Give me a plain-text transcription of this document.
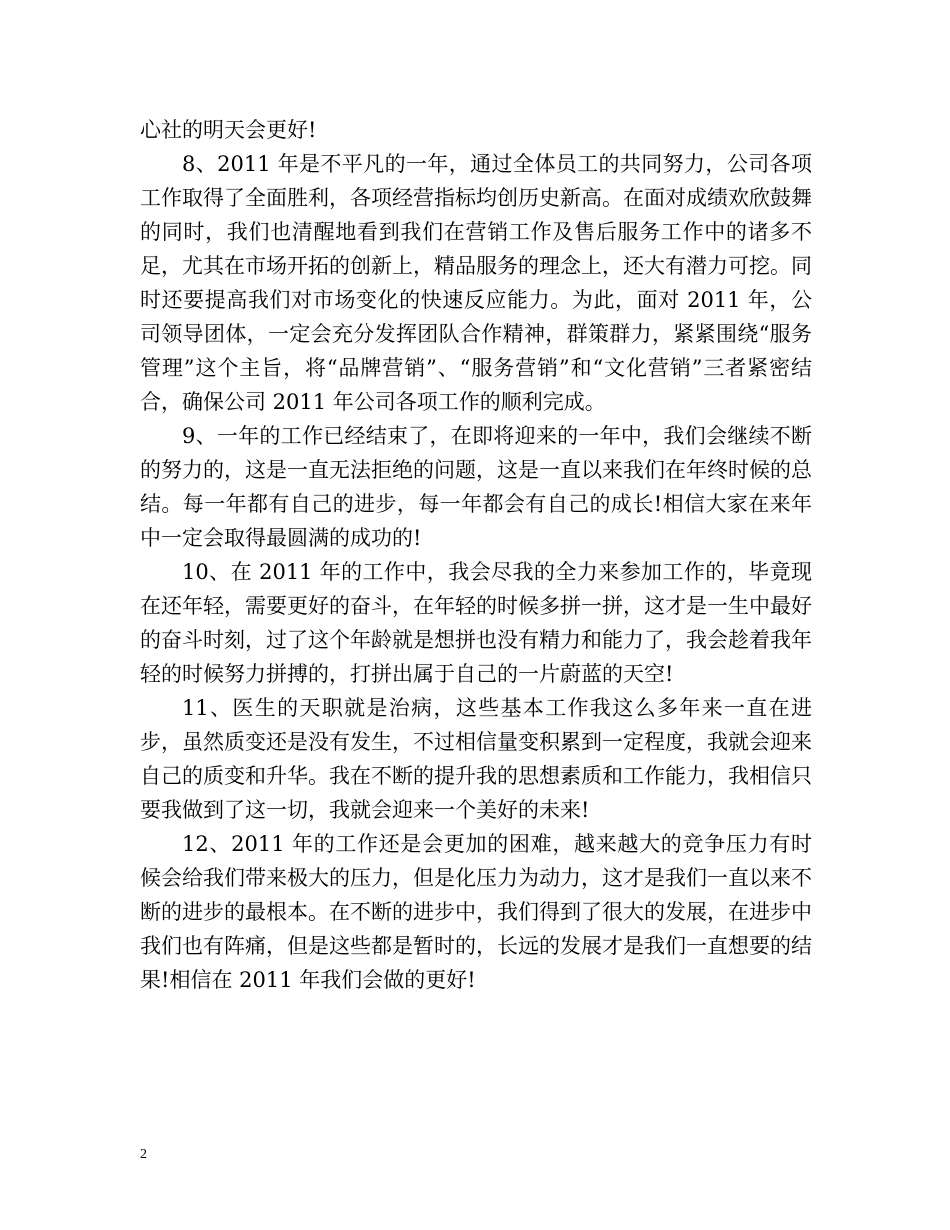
心社的明天会更好!

8、2011 年是不平凡的一年，通过全体员工的共同努力，公司各项工作取得了全面胜利，各项经营指标均创历史新高。在面对成绩欢欣鼓舞的同时，我们也清醒地看到我们在营销工作及售后服务工作中的诸多不足，尤其在市场开拓的创新上，精品服务的理念上，还大有潜力可挖。同时还要提高我们对市场变化的快速反应能力。为此，面对 2011 年，公司领导团体，一定会充分发挥团队合作精神，群策群力，紧紧围绕“服务管理”这个主旨，将“品牌营销”、“服务营销”和“文化营销”三者紧密结合，确保公司 2011 年公司各项工作的顺利完成。

9、一年的工作已经结束了，在即将迎来的一年中，我们会继续不断的努力的，这是一直无法拒绝的问题，这是一直以来我们在年终时候的总结。每一年都有自己的进步，每一年都会有自己的成长!相信大家在来年中一定会取得最圆满的成功的!

10、在 2011 年的工作中，我会尽我的全力来参加工作的，毕竟现在还年轻，需要更好的奋斗，在年轻的时候多拼一拼，这才是一生中最好的奋斗时刻，过了这个年龄就是想拼也没有精力和能力了，我会趁着我年轻的时候努力拼搏的，打拼出属于自己的一片蔚蓝的天空!

11、医生的天职就是治病，这些基本工作我这么多年来一直在进步，虽然质变还是没有发生，不过相信量变积累到一定程度，我就会迎来自己的质变和升华。我在不断的提升我的思想素质和工作能力，我相信只要我做到了这一切，我就会迎来一个美好的未来!

12、2011 年的工作还是会更加的困难，越来越大的竞争压力有时候会给我们带来极大的压力，但是化压力为动力，这才是我们一直以来不断的进步的最根本。在不断的进步中，我们得到了很大的发展，在进步中我们也有阵痛，但是这些都是暂时的，长远的发展才是我们一直想要的结果!相信在 2011 年我们会做的更好!

2
